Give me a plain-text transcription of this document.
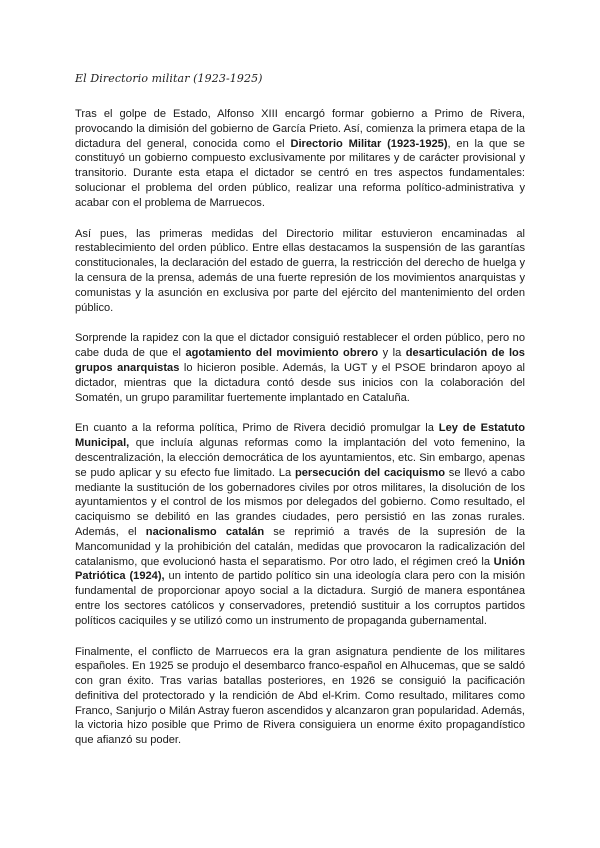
El Directorio militar (1923-1925)

Tras el golpe de Estado, Alfonso XIII encargó formar gobierno a Primo de Rivera, provocando la dimisión del gobierno de García Prieto. Así, comienza la primera etapa de la dictadura del general, conocida como el Directorio Militar (1923-1925), en la que se constituyó un gobierno compuesto exclusivamente por militares y de carácter provisional y transitorio. Durante esta etapa el dictador se centró en tres aspectos fundamentales: solucionar el problema del orden público, realizar una reforma político-administrativa y acabar con el problema de Marruecos.

Así pues, las primeras medidas del Directorio militar estuvieron encaminadas al restablecimiento del orden público. Entre ellas destacamos la suspensión de las garantías constitucionales, la declaración del estado de guerra, la restricción del derecho de huelga y la censura de la prensa, además de una fuerte represión de los movimientos anarquistas y comunistas y la asunción en exclusiva por parte del ejército del mantenimiento del orden público.

Sorprende la rapidez con la que el dictador consiguió restablecer el orden público, pero no cabe duda de que el agotamiento del movimiento obrero y la desarticulación de los grupos anarquistas lo hicieron posible. Además, la UGT y el PSOE brindaron apoyo al dictador, mientras que la dictadura contó desde sus inicios con la colaboración del Somatén, un grupo paramilitar fuertemente implantado en Cataluña.

En cuanto a la reforma política, Primo de Rivera decidió promulgar la Ley de Estatuto Municipal, que incluía algunas reformas como la implantación del voto femenino, la descentralización, la elección democrática de los ayuntamientos, etc. Sin embargo, apenas se pudo aplicar y su efecto fue limitado. La persecución del caciquismo se llevó a cabo mediante la sustitución de los gobernadores civiles por otros militares, la disolución de los ayuntamientos y el control de los mismos por delegados del gobierno. Como resultado, el caciquismo se debilitó en las grandes ciudades, pero persistió en las zonas rurales. Además, el nacionalismo catalán se reprimió a través de la supresión de la Mancomunidad y la prohibición del catalán, medidas que provocaron la radicalización del catalanismo, que evolucionó hasta el separatismo. Por otro lado, el régimen creó la Unión Patriótica (1924), un intento de partido político sin una ideología clara pero con la misión fundamental de proporcionar apoyo social a la dictadura. Surgió de manera espontánea entre los sectores católicos y conservadores, pretendió sustituir a los corruptos partidos políticos caciquiles y se utilizó como un instrumento de propaganda gubernamental.

Finalmente, el conflicto de Marruecos era la gran asignatura pendiente de los militares españoles. En 1925 se produjo el desembarco franco-español en Alhucemas, que se saldó con gran éxito. Tras varias batallas posteriores, en 1926 se consiguió la pacificación definitiva del protectorado y la rendición de Abd el-Krim. Como resultado, militares como Franco, Sanjurjo o Milán Astray fueron ascendidos y alcanzaron gran popularidad. Además, la victoria hizo posible que Primo de Rivera consiguiera un enorme éxito propagandístico que afianzó su poder.
